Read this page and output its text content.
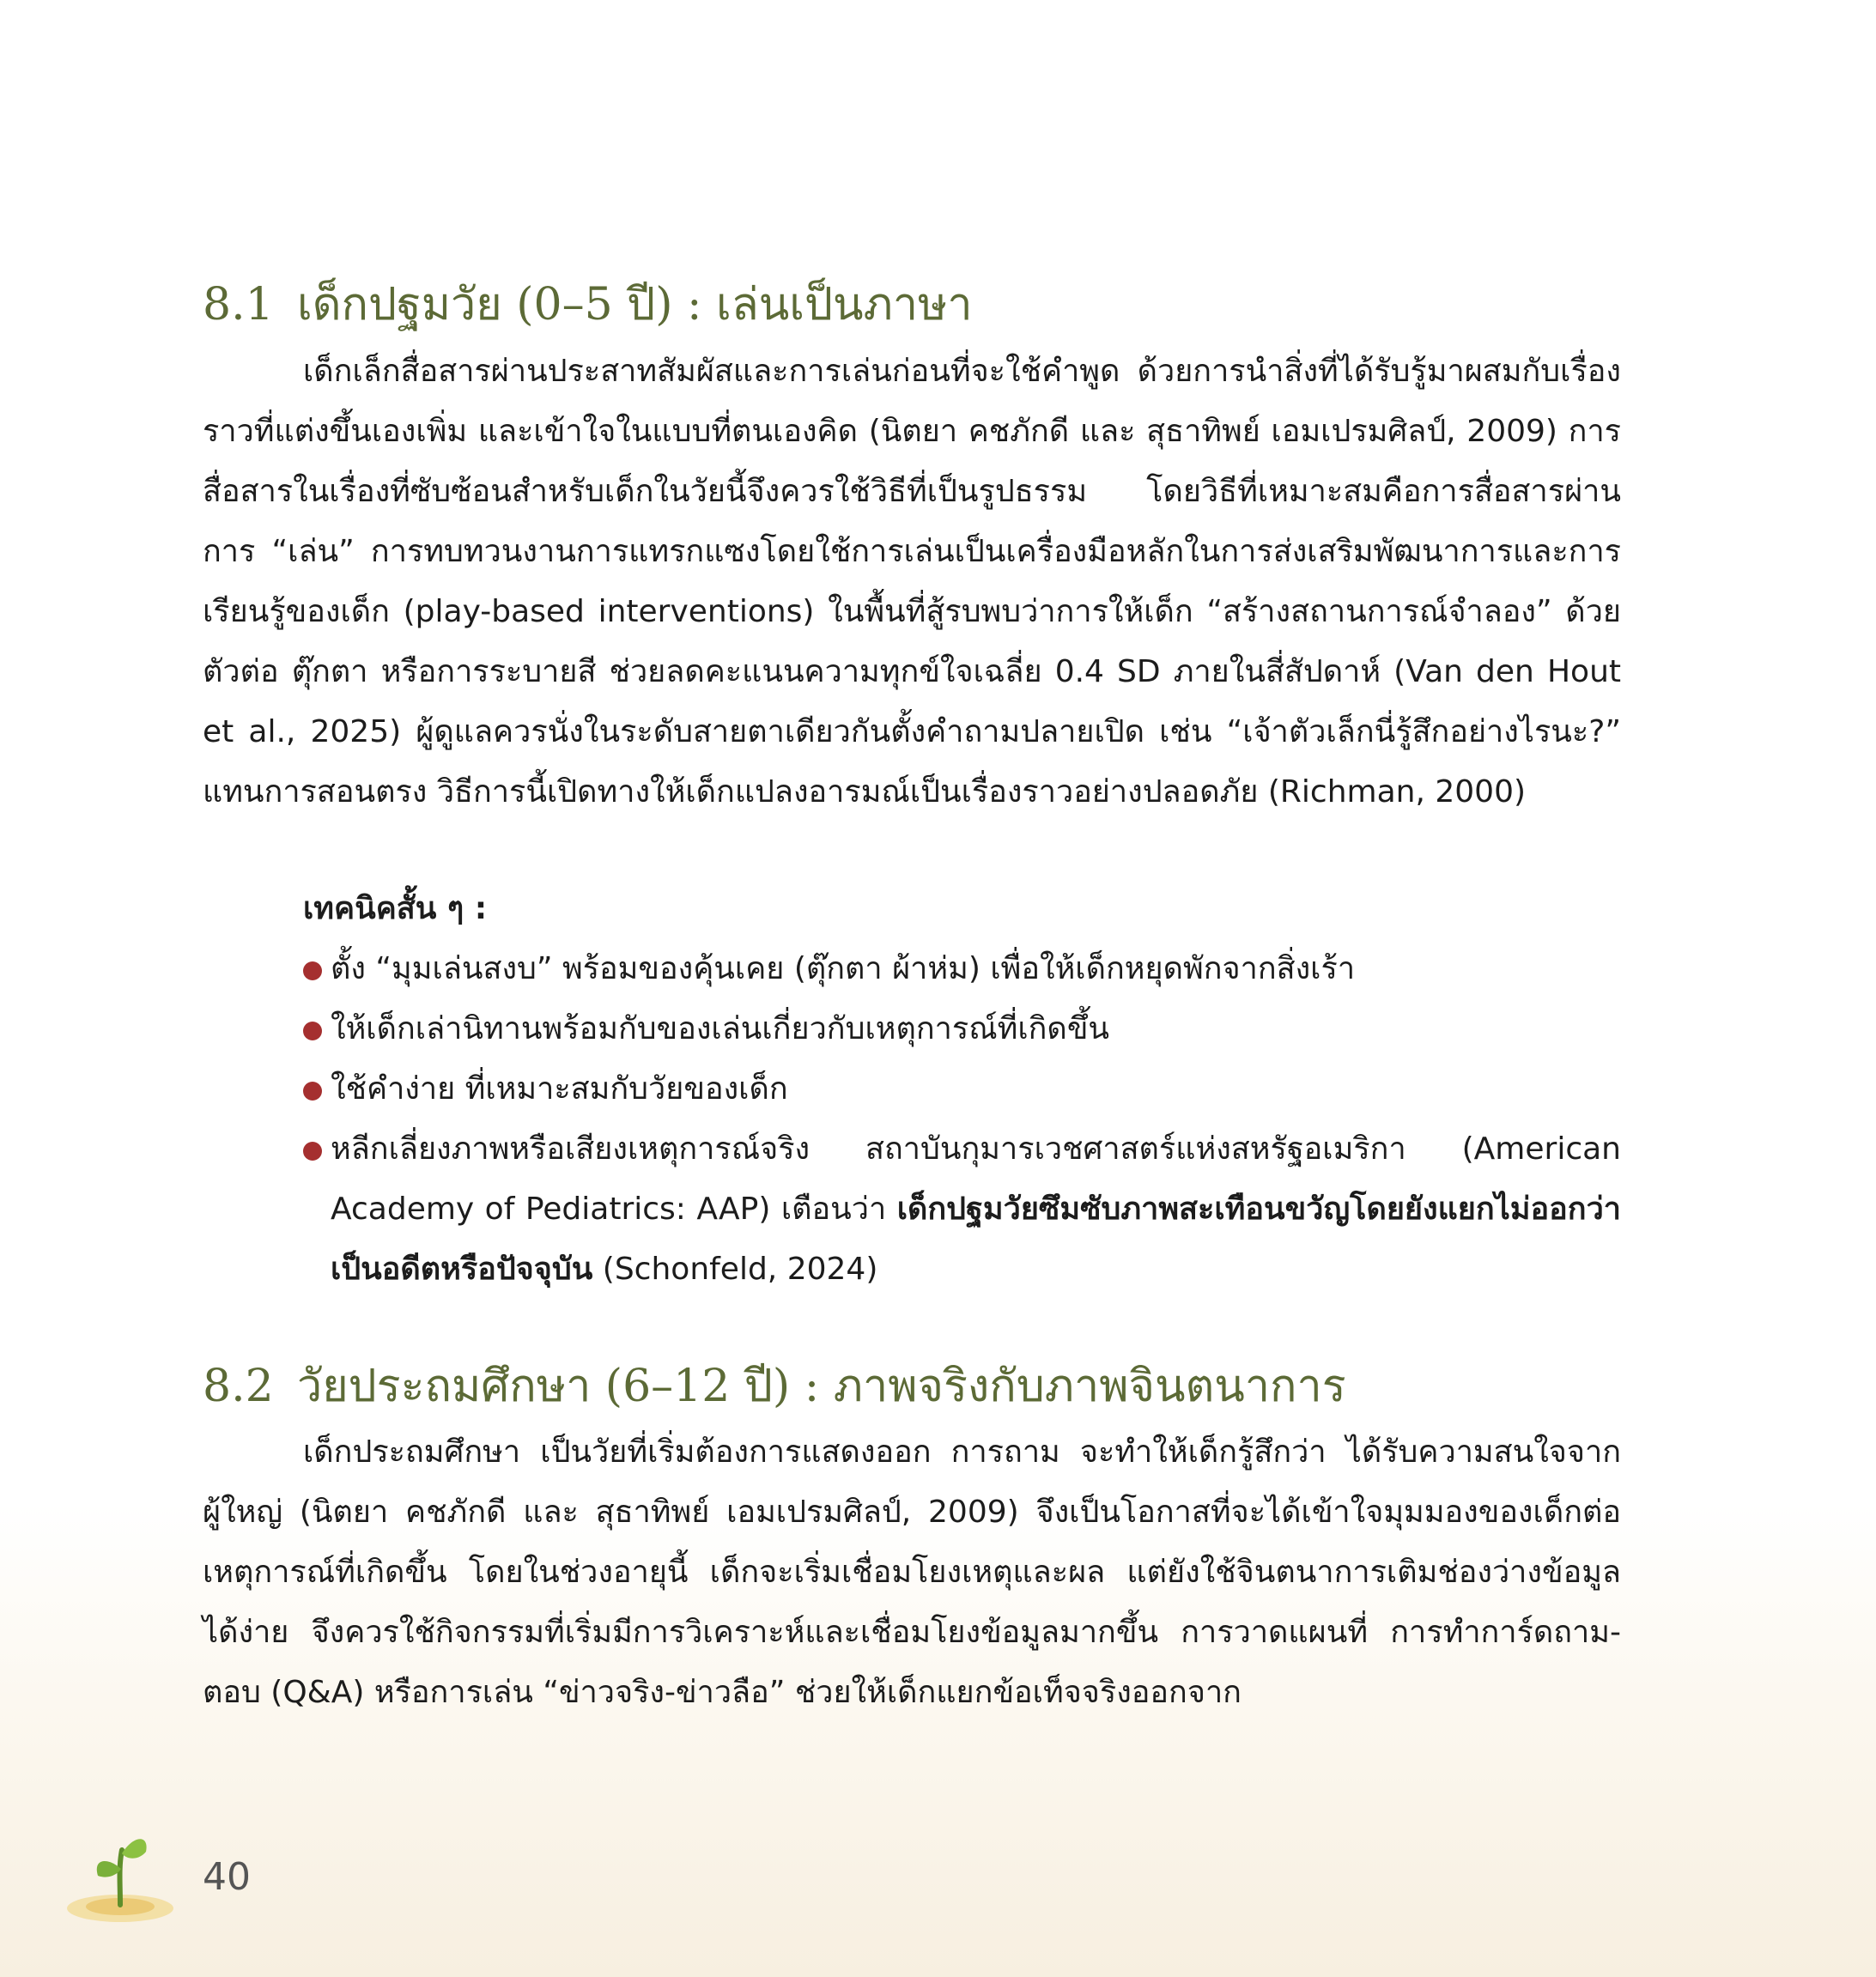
8.1 เด็กปฐมวัย (0–5 ปี) : เล่นเป็นภาษา

เด็กเล็กสื่อสารผ่านประสาทสัมผัสและการเล่นก่อนที่จะใช้คำพูด ด้วยการนำสิ่งที่ได้รับรู้มาผสมกับเรื่องราวที่แต่งขึ้นเองเพิ่ม และเข้าใจในแบบที่ตนเองคิด (นิตยา คชภักดี และ สุธาทิพย์ เอมเปรมศิลป์, 2009) การสื่อสารในเรื่องที่ซับซ้อนสำหรับเด็กในวัยนี้จึงควรใช้วิธีที่เป็นรูปธรรม โดยวิธีที่เหมาะสมคือการสื่อสารผ่านการ “เล่น” การทบทวนงานการแทรกแซงโดยใช้การเล่นเป็นเครื่องมือหลักในการส่งเสริมพัฒนาการและการเรียนรู้ของเด็ก (play-based interventions) ในพื้นที่สู้รบพบว่าการให้เด็ก “สร้างสถานการณ์จำลอง” ด้วยตัวต่อ ตุ๊กตา หรือการระบายสี ช่วยลดคะแนนความทุกข์ใจเฉลี่ย 0.4 SD ภายในสี่สัปดาห์ (Van den Hout et al., 2025) ผู้ดูแลควรนั่งในระดับสายตาเดียวกันตั้งคำถามปลายเปิด เช่น “เจ้าตัวเล็กนี่รู้สึกอย่างไรนะ?” แทนการสอนตรง วิธีการนี้เปิดทางให้เด็กแปลงอารมณ์เป็นเรื่องราวอย่างปลอดภัย (Richman, 2000)

เทคนิคสั้น ๆ :

ตั้ง “มุมเล่นสงบ” พร้อมของคุ้นเคย (ตุ๊กตา ผ้าห่ม) เพื่อให้เด็กหยุดพักจากสิ่งเร้า
ให้เด็กเล่านิทานพร้อมกับของเล่นเกี่ยวกับเหตุการณ์ที่เกิดขึ้น
ใช้คำง่าย ที่เหมาะสมกับวัยของเด็ก
หลีกเลี่ยงภาพหรือเสียงเหตุการณ์จริง สถาบันกุมารเวชศาสตร์แห่งสหรัฐอเมริกา (American Academy of Pediatrics: AAP) เตือนว่า เด็กปฐมวัยซึมซับภาพสะเทือนขวัญโดยยังแยกไม่ออกว่าเป็นอดีตหรือปัจจุบัน (Schonfeld, 2024)
8.2 วัยประถมศึกษา (6–12 ปี) : ภาพจริงกับภาพจินตนาการ

เด็กประถมศึกษา เป็นวัยที่เริ่มต้องการแสดงออก การถาม จะทำให้เด็กรู้สึกว่า ได้รับความสนใจจากผู้ใหญ่ (นิตยา คชภักดี และ สุธาทิพย์ เอมเปรมศิลป์, 2009) จึงเป็นโอกาสที่จะได้เข้าใจมุมมองของเด็กต่อเหตุการณ์ที่เกิดขึ้น โดยในช่วงอายุนี้ เด็กจะเริ่มเชื่อมโยงเหตุและผล แต่ยังใช้จินตนาการเติมช่องว่างข้อมูลได้ง่าย จึงควรใช้กิจกรรมที่เริ่มมีการวิเคราะห์และเชื่อมโยงข้อมูลมากขึ้น การวาดแผนที่ การทำการ์ดถาม-ตอบ (Q&A) หรือการเล่น “ข่าวจริง-ข่าวลือ” ช่วยให้เด็กแยกข้อเท็จจริงออกจาก

40
